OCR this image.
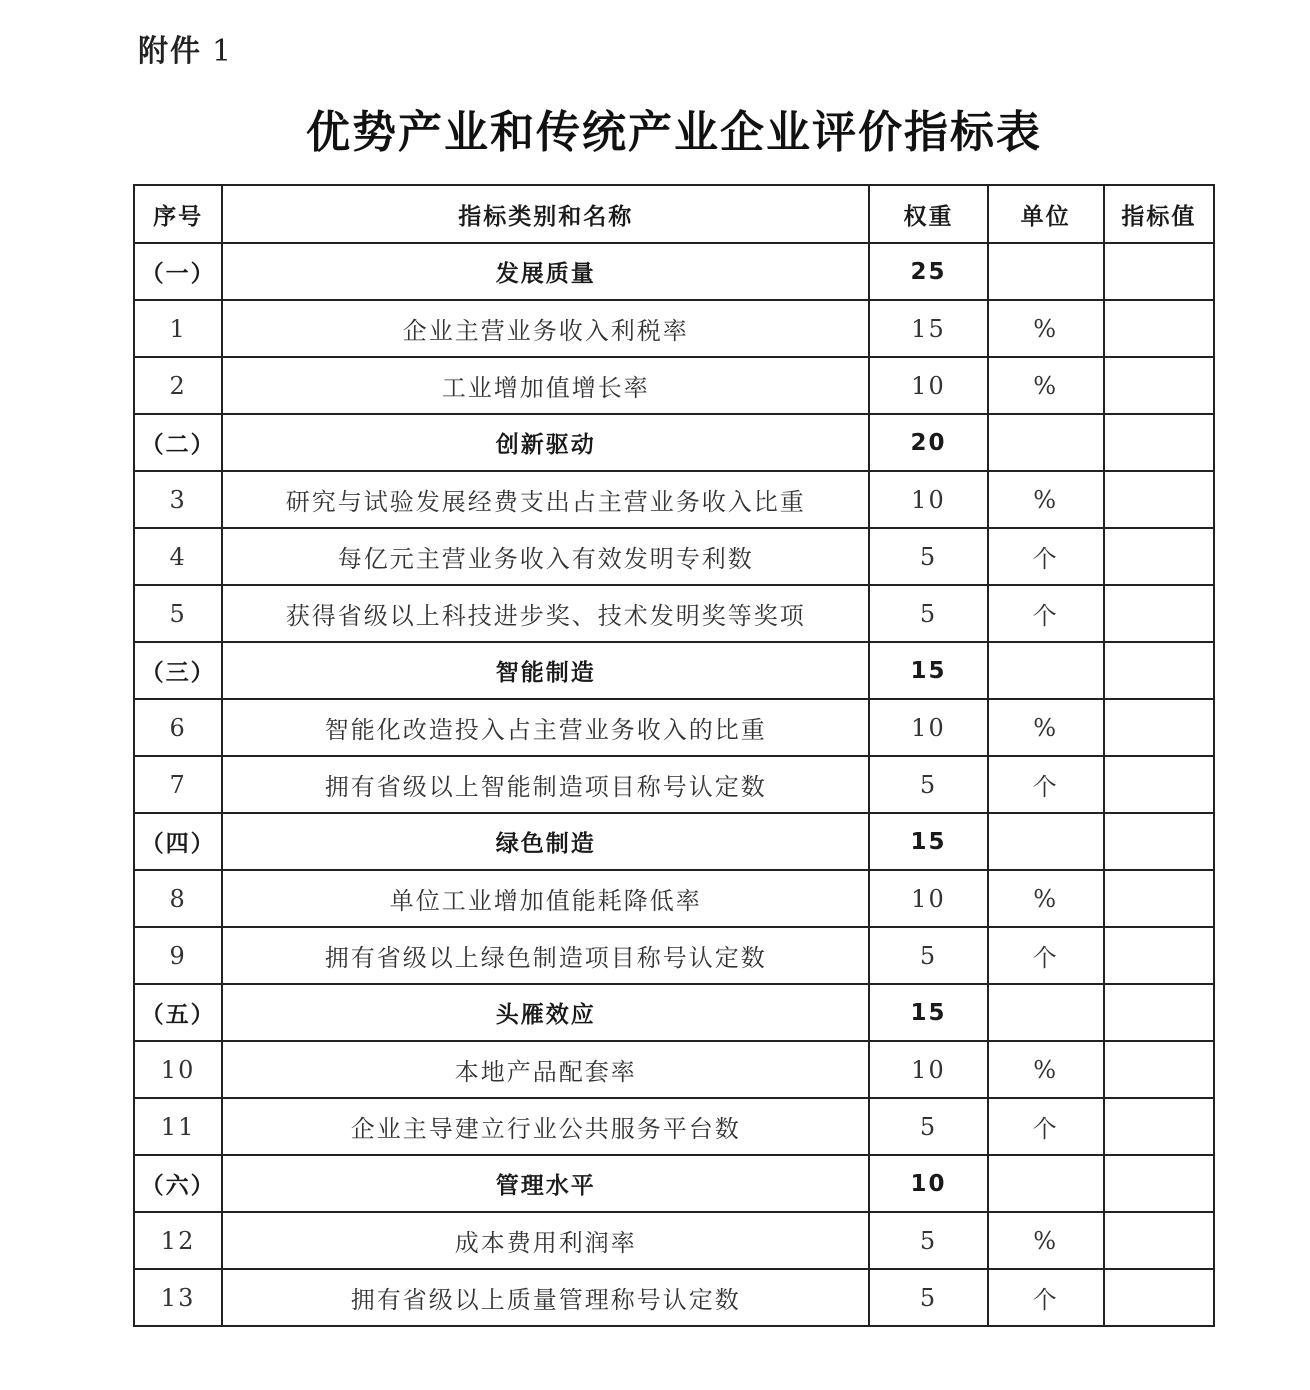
附件 1
优势产业和传统产业企业评价指标表
序号	指标类别和名称	权重	单位	指标值
（一）	发展质量	25		
1	企业主营业务收入利税率	15	%	
2	工业增加值增长率	10	%	
（二）	创新驱动	20		
3	研究与试验发展经费支出占主营业务收入比重	10	%	
4	每亿元主营业务收入有效发明专利数	5	个	
5	获得省级以上科技进步奖、技术发明奖等奖项	5	个	
（三）	智能制造	15		
6	智能化改造投入占主营业务收入的比重	10	%	
7	拥有省级以上智能制造项目称号认定数	5	个	
（四）	绿色制造	15		
8	单位工业增加值能耗降低率	10	%	
9	拥有省级以上绿色制造项目称号认定数	5	个	
（五）	头雁效应	15		
10	本地产品配套率	10	%	
11	企业主导建立行业公共服务平台数	5	个	
（六）	管理水平	10		
12	成本费用利润率	5	%	
13	拥有省级以上质量管理称号认定数	5	个	
